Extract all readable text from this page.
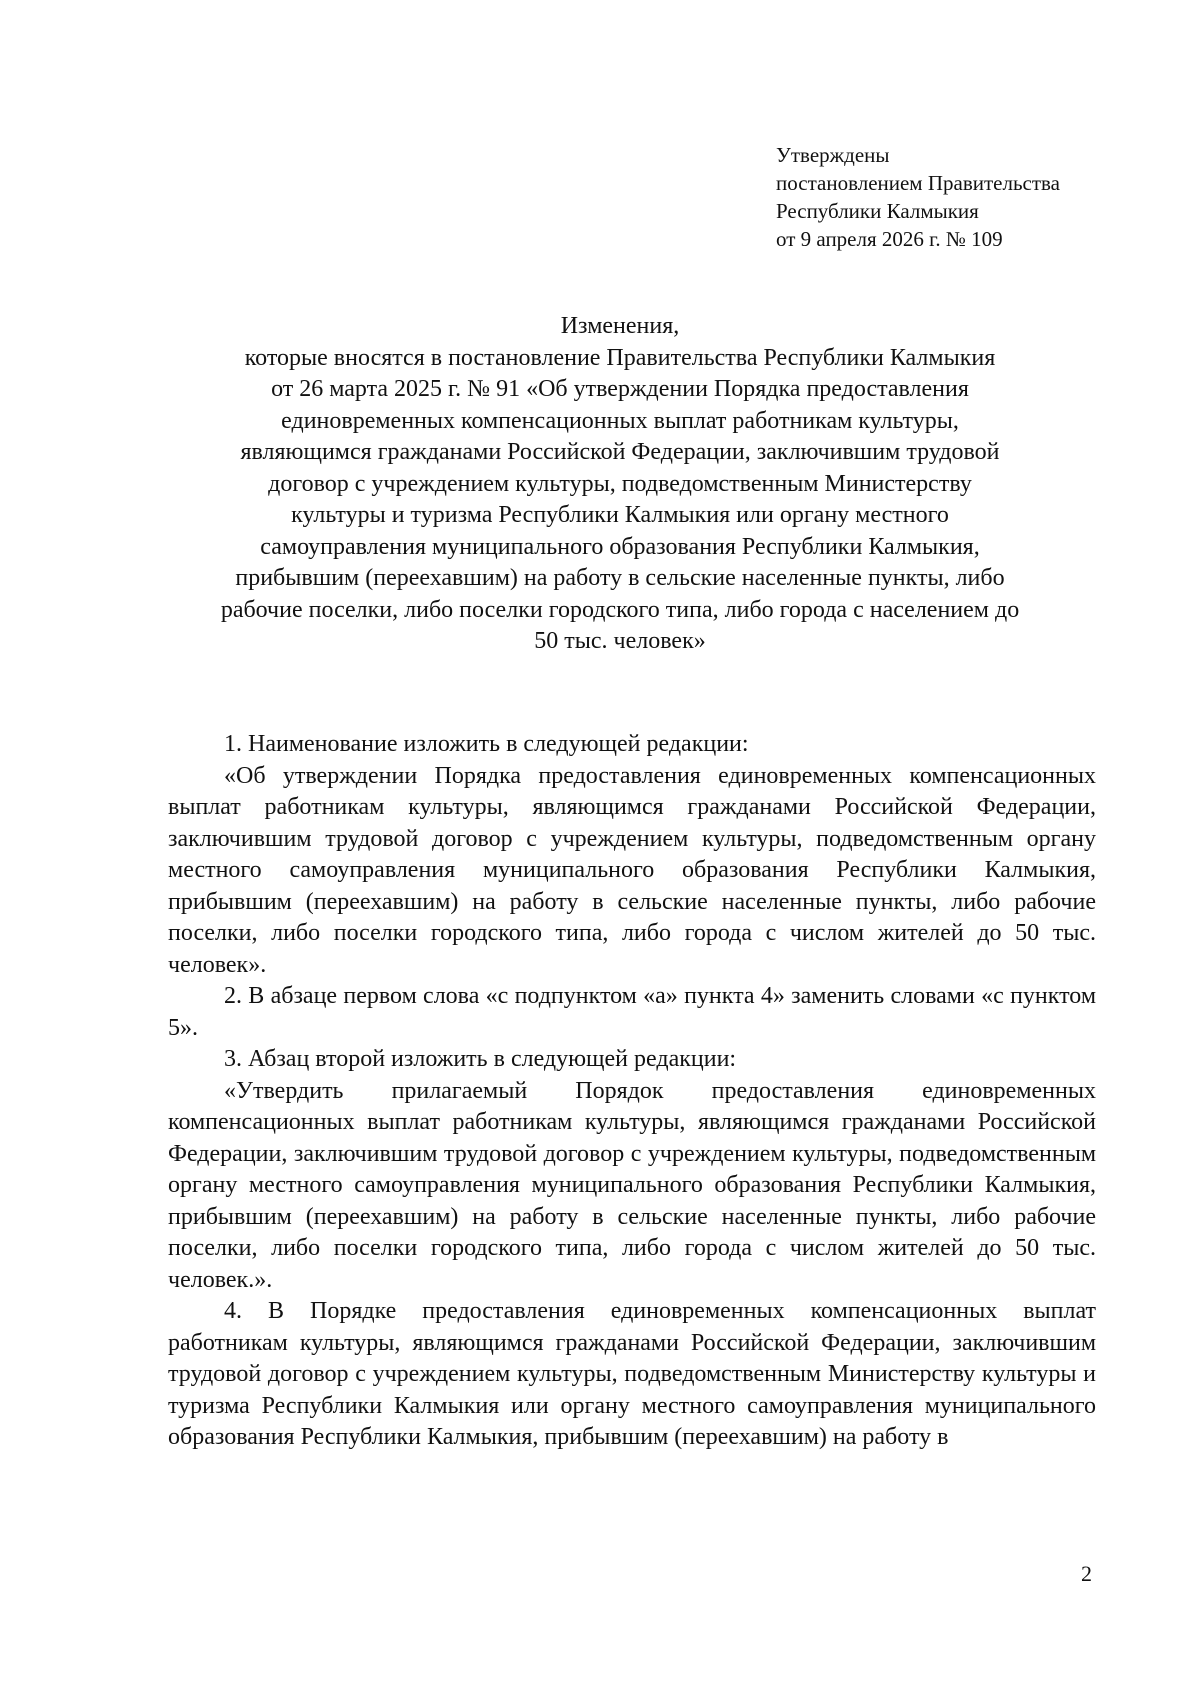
Утверждены
постановлением Правительства
Республики Калмыкия
от 9 апреля 2026 г. № 109
Изменения,
которые вносятся в постановление Правительства Республики Калмыкия
от 26 марта 2025 г. № 91 «Об утверждении Порядка предоставления
единовременных компенсационных выплат работникам культуры,
являющимся гражданами Российской Федерации, заключившим трудовой
договор с учреждением культуры, подведомственным Министерству
культуры и туризма Республики Калмыкия или органу местного
самоуправления муниципального образования Республики Калмыкия,
прибывшим (переехавшим) на работу в сельские населенные пункты, либо
рабочие поселки, либо поселки городского типа, либо города с населением до
50 тыс. человек»

1. Наименование изложить в следующей редакции:

«Об утверждении Порядка предоставления единовременных компенсационных выплат работникам культуры, являющимся гражданами Российской Федерации, заключившим трудовой договор с учреждением культуры, подведомственным органу местного самоуправления муниципального образования Республики Калмыкия, прибывшим (переехавшим) на работу в сельские населенные пункты, либо рабочие поселки, либо поселки городского типа, либо города с числом жителей до 50 тыс. человек».

2. В абзаце первом слова «с подпунктом «а» пункта 4» заменить словами «с пунктом 5».

3. Абзац второй изложить в следующей редакции:

«Утвердить прилагаемый Порядок предоставления единовременных компенсационных выплат работникам культуры, являющимся гражданами Российской Федерации, заключившим трудовой договор с учреждением культуры, подведомственным органу местного самоуправления муниципального образования Республики Калмыкия, прибывшим (переехавшим) на работу в сельские населенные пункты, либо рабочие поселки, либо поселки городского типа, либо города с числом жителей до 50 тыс. человек.».

4. В Порядке предоставления единовременных компенсационных выплат работникам культуры, являющимся гражданами Российской Федерации, заключившим трудовой договор с учреждением культуры, подведомственным Министерству культуры и туризма Республики Калмыкия или органу местного самоуправления муниципального образования Республики Калмыкия, прибывшим (переехавшим) на работу в

2
